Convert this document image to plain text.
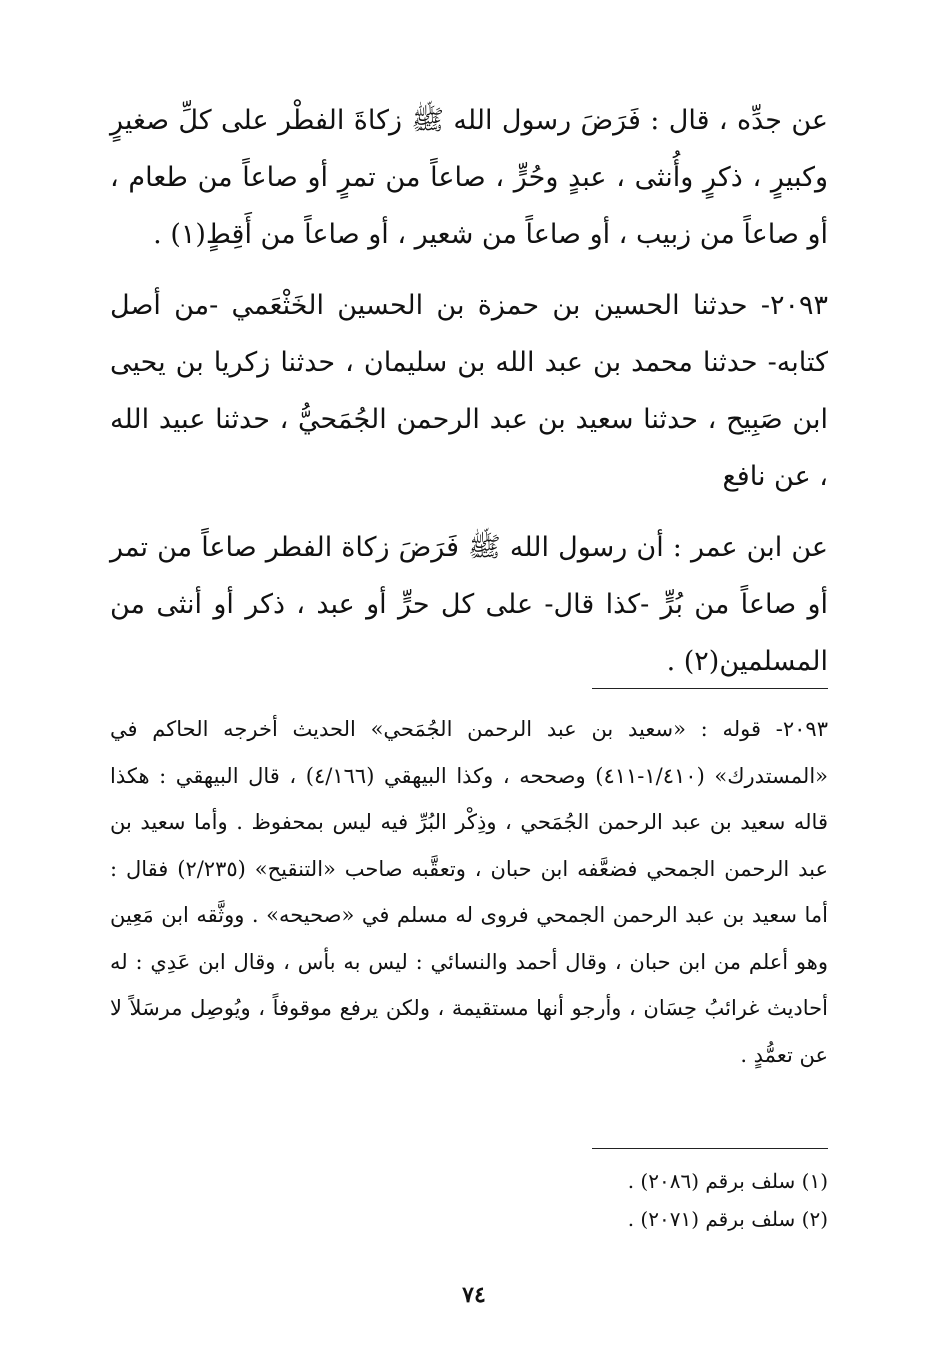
عن جدِّه ، قال : فَرَضَ رسول الله ﷺ زكاةَ الفطْر على كلِّ صغيرٍ وكبيرٍ ، ذكرٍ وأُنثى ، عبدٍ وحُرٍّ ، صاعاً من تمرٍ أو صاعاً من طعام ، أو صاعاً من زبيب ، أو صاعاً من شعير ، أو صاعاً من أَقِطٍ(١) .

٢٠٩٣- حدثنا الحسين بن حمزة بن الحسين الخَثْعَمي -من أصل كتابه- حدثنا محمد بن عبد الله بن سليمان ، حدثنا زكريا بن يحيى ابن صَبِيح ، حدثنا سعيد بن عبد الرحمن الجُمَحيُّ ، حدثنا عبيد الله ، عن نافع

عن ابن عمر : أن رسول الله ﷺ فَرَضَ زكاة الفطر صاعاً من تمر أو صاعاً من بُرٍّ -كذا قال- على كل حرٍّ أو عبد ، ذكر أو أنثى من المسلمين(٢) .

٢٠٩٣- قوله : «سعيد بن عبد الرحمن الجُمَحي» الحديث أخرجه الحاكم في «المستدرك» (١/٤١٠-٤١١) وصححه ، وكذا البيهقي (٤/١٦٦) ، قال البيهقي : هكذا قاله سعيد بن عبد الرحمن الجُمَحي ، وذِكْر البُرِّ فيه ليس بمحفوظ . وأما سعيد بن عبد الرحمن الجمحي فضعَّفه ابن حبان ، وتعقَّبه صاحب «التنقيح» (٢/٢٣٥) فقال : أما سعيد بن عبد الرحمن الجمحي فروى له مسلم في «صحيحه» . ووثَّقه ابن مَعِين وهو أعلم من ابن حبان ، وقال أحمد والنسائي : ليس به بأس ، وقال ابن عَدِي : له أحاديث غرائبُ حِسَان ، وأرجو أنها مستقيمة ، ولكن يرفع موقوفاً ، ويُوصِل مرسَلاً لا عن تعمُّدٍ .

(١) سلف برقم (٢٠٨٦) .
(٢) سلف برقم (٢٠٧١) .
٧٤
